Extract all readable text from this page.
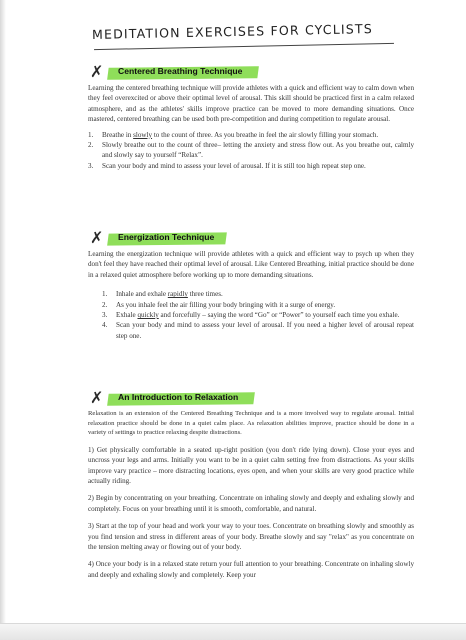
MEDITATION EXERCISES FOR CYCLISTS
✗ Centered Breathing Technique
Learning the centered breathing technique will provide athletes with a quick and efficient way to calm down when they feel overexcited or above their optimal level of arousal. This skill should be practiced first in a calm relaxed atmosphere, and as the athletes' skills improve practice can be moved to more demanding situations. Once mastered, centered breathing can be used both pre-competition and during competition to regulate arousal.
1. Breathe in slowly to the count of three. As you breathe in feel the air slowly filling your stomach.
2. Slowly breathe out to the count of three– letting the anxiety and stress flow out. As you breathe out, calmly and slowly say to yourself “Relax”.
3. Scan your body and mind to assess your level of arousal. If it is still too high repeat step one.
✗ Energization Technique
Learning the energization technique will provide athletes with a quick and efficient way to psych up when they don't feel they have reached their optimal level of arousal. Like Centered Breathing, initial practice should be done in a relaxed quiet atmosphere before working up to more demanding situations.
1. Inhale and exhale rapidly three times.
2. As you inhale feel the air filling your body bringing with it a surge of energy.
3. Exhale quickly and forcefully – saying the word “Go” or “Power” to yourself each time you exhale.
4. Scan your body and mind to assess your level of arousal. If you need a higher level of arousal repeat step one.
✗ An Introduction to Relaxation
Relaxation is an extension of the Centered Breathing Technique and is a more involved way to regulate arousal. Initial relaxation practice should be done in a quiet calm place. As relaxation abilities improve, practice should be done in a variety of settings to practice relaxing despite distractions.
1) Get physically comfortable in a seated up-right position (you don't ride lying down). Close your eyes and uncross your legs and arms. Initially you want to be in a quiet calm setting free from distractions. As your skills improve vary practice – more distracting locations, eyes open, and when your skills are very good practice while actually riding.
2) Begin by concentrating on your breathing. Concentrate on inhaling slowly and deeply and exhaling slowly and completely. Focus on your breathing until it is smooth, comfortable, and natural.
3) Start at the top of your head and work your way to your toes. Concentrate on breathing slowly and smoothly as you find tension and stress in different areas of your body. Breathe slowly and say "relax" as you concentrate on the tension melting away or flowing out of your body.
4) Once your body is in a relaxed state return your full attention to your breathing. Concentrate on inhaling slowly and deeply and exhaling slowly and completely. Keep your
